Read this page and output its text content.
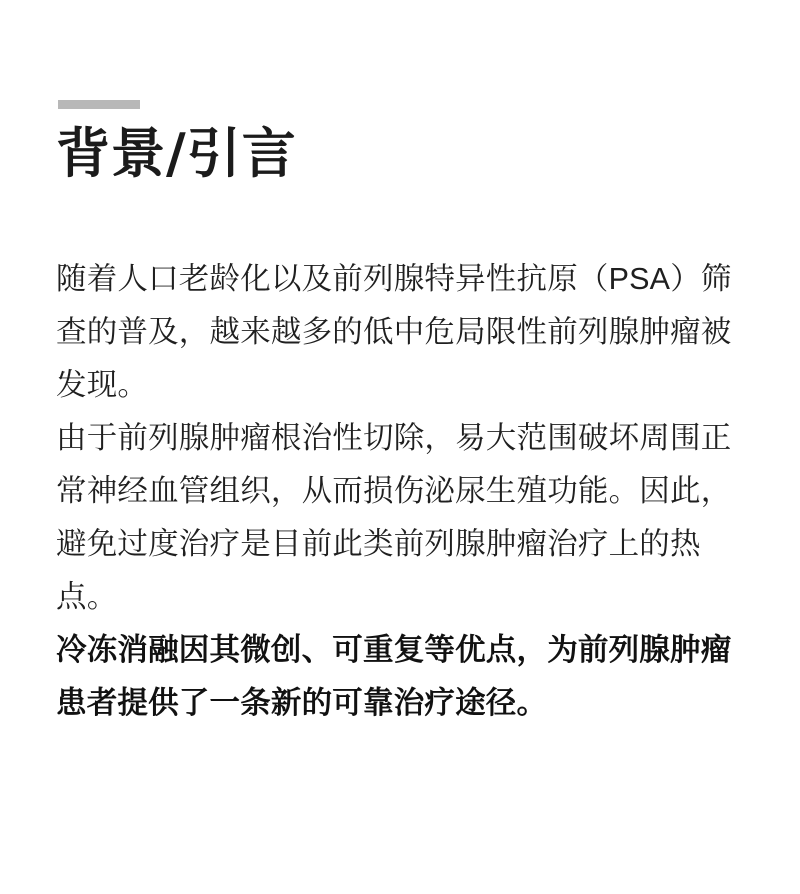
背景/引言

随着人口老龄化以及前列腺特异性抗原（PSA）筛查的普及，越来越多的低中危局限性前列腺肿瘤被发现。

由于前列腺肿瘤根治性切除，易大范围破坏周围正常神经血管组织，从而损伤泌尿生殖功能。因此，避免过度治疗是目前此类前列腺肿瘤治疗上的热点。

冷冻消融因其微创、可重复等优点，为前列腺肿瘤患者提供了一条新的可靠治疗途径。
